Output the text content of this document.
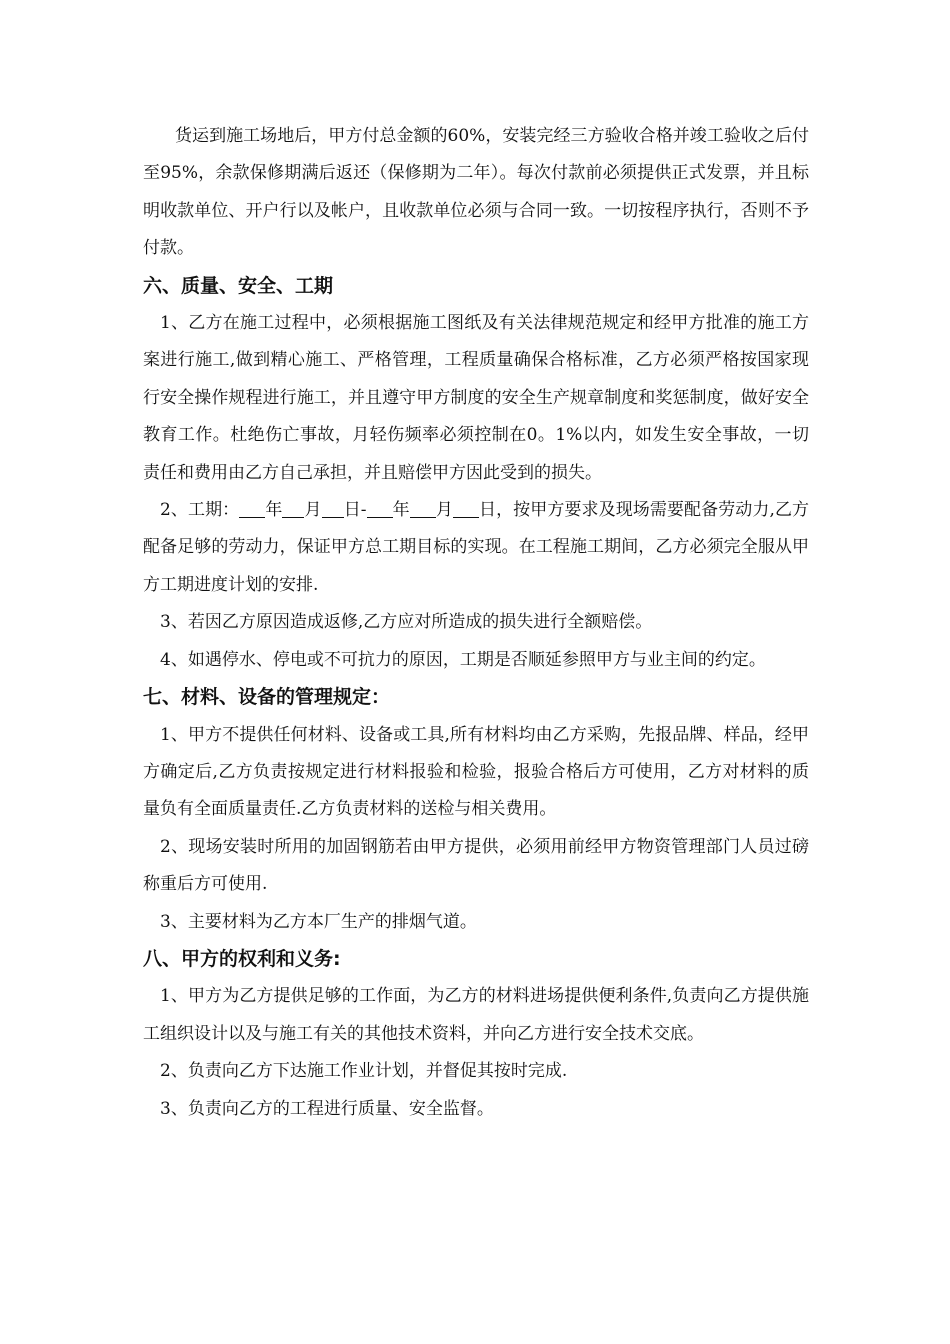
货运到施工场地后，甲方付总金额的60%，安装完经三方验收合格并竣工验收之后付至95%，余款保修期满后返还（保修期为二年）。每次付款前必须提供正式发票，并且标明收款单位、开户行以及帐户，且收款单位必须与合同一致。一切按程序执行，否则不予付款。

六、质量、安全、工期

1、乙方在施工过程中，必须根据施工图纸及有关法律规范规定和经甲方批准的施工方案进行施工,做到精心施工、严格管理，工程质量确保合格标准，乙方必须严格按国家现行安全操作规程进行施工，并且遵守甲方制度的安全生产规章制度和奖惩制度，做好安全教育工作。杜绝伤亡事故，月轻伤频率必须控制在0。1%以内，如发生安全事故，一切责任和费用由乙方自己承担，并且赔偿甲方因此受到的损失。

2、工期： 年 月 日- 年 月 日，按甲方要求及现场需要配备劳动力,乙方配备足够的劳动力，保证甲方总工期目标的实现。在工程施工期间，乙方必须完全服从甲方工期进度计划的安排.

3、若因乙方原因造成返修,乙方应对所造成的损失进行全额赔偿。

4、如遇停水、停电或不可抗力的原因，工期是否顺延参照甲方与业主间的约定。

七、材料、设备的管理规定：

1、甲方不提供任何材料、设备或工具,所有材料均由乙方采购，先报品牌、样品，经甲方确定后,乙方负责按规定进行材料报验和检验，报验合格后方可使用，乙方对材料的质量负有全面质量责任.乙方负责材料的送检与相关费用。

2、现场安装时所用的加固钢筋若由甲方提供，必须用前经甲方物资管理部门人员过磅称重后方可使用.

3、主要材料为乙方本厂生产的排烟气道。

八、甲方的权利和义务:

1、甲方为乙方提供足够的工作面，为乙方的材料进场提供便利条件,负责向乙方提供施工组织设计以及与施工有关的其他技术资料，并向乙方进行安全技术交底。

2、负责向乙方下达施工作业计划，并督促其按时完成.

3、负责向乙方的工程进行质量、安全监督。
